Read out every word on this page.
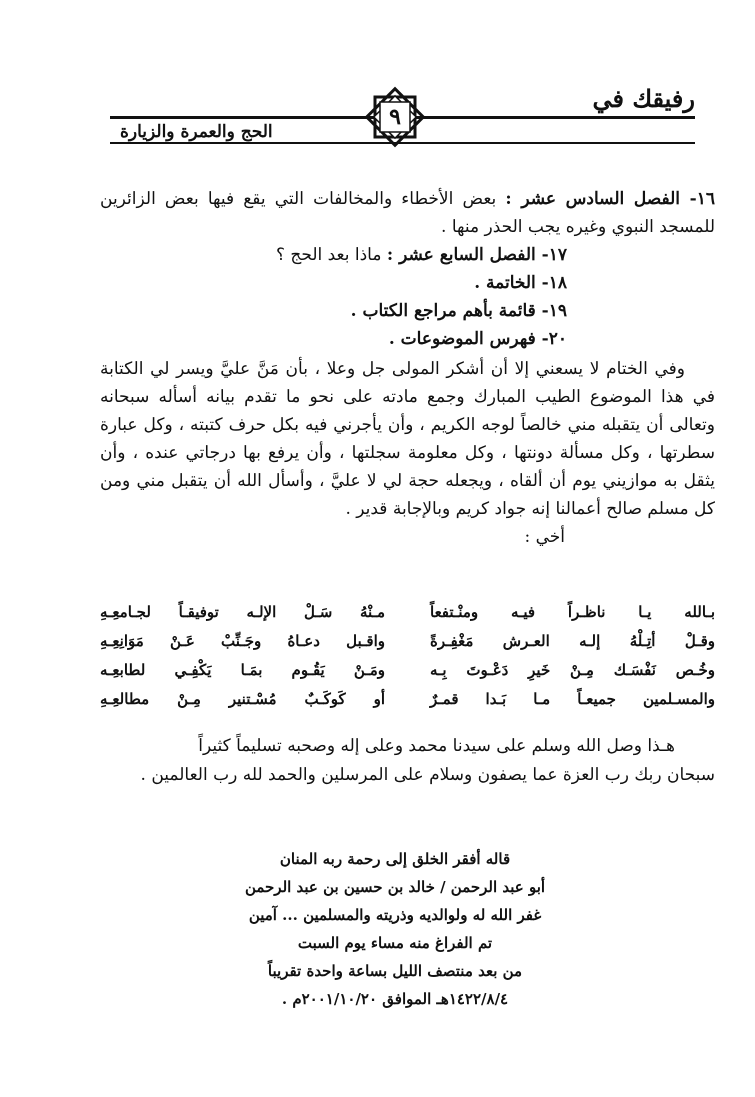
رفيقك في
الحج والعمرة والزيارة
٩

١٦- الفصل السادس عشر : بعض الأخطاء والمخالفات التي يقع فيها بعض الزائرين للمسجد النبوي وغيره يجب الحذر منها .

١٧- الفصل السابع عشر : ماذا بعد الحج ؟

١٨- الخاتمة .

١٩- قائمة بأهم مراجع الكتاب .

٢٠- فهرس الموضوعات .

وفي الختام لا يسعني إلا أن أشكر المولى جل وعلا ، بأن مَنَّ عليَّ ويسر لي الكتابة في هذا الموضوع الطيب المبارك وجمع مادته على نحو ما تقدم بيانه أسأله سبحانه وتعالى أن يتقبله مني خالصاً لوجه الكريم ، وأن يأجرني فيه بكل حرف كتبته ، وكل عبارة سطرتها ، وكل مسألة دونتها ، وكل معلومة سجلتها ، وأن يرفع بها درجاتي عنده ، وأن يثقل به موازيني يوم أن ألقاه ، ويجعله حجة لي لا عليَّ ، وأسأل الله أن يتقبل مني ومن كل مسلم صالح أعمالنا إنه جواد كريم وبالإجابة قدير .

أخي :

بـالله يـا ناظـراً فيـه ومنْـتفعاً
مـنْهُ سَـلْ الإلـه توفيقـاً لجـامعِـهِ
وقـلْ أتِـلْهُ إلـه العـرش مَغْفِـرةً
واقـبل دعـاهُ وجَـنِّبْ عَـنْ مَوَانِعِـهِ
وخُـص نَفْسَـك مِـنْ خَيرِ دَعْـوتَ بِـه
ومَـنْ يَقُـوم بمَـا يَكْفِـي لطابعِـه
والمسـلمين جميعـاً مـا بَـدا قمـرٌ
أو كَوكَـبٌ مُسْـتنير مِـنْ مطالعِـهِ

هـذا وصل الله وسلم على سيدنا محمد وعلى إله وصحبه تسليماً كثيراً

سبحان ربك رب العزة عما يصفون وسلام على المرسلين والحمد لله رب العالمين .

قاله أفقر الخلق إلى رحمة ربه المنان
أبو عبد الرحمن / خالد بن حسين بن عبد الرحمن
غفر الله له ولوالديه وذريته والمسلمين ... آمين
تم الفراغ منه مساء يوم السبت
من بعد منتصف الليل بساعة واحدة تقريباً
١٤٢٢/٨/٤هـ الموافق ٢٠٠١/١٠/٢٠م .
